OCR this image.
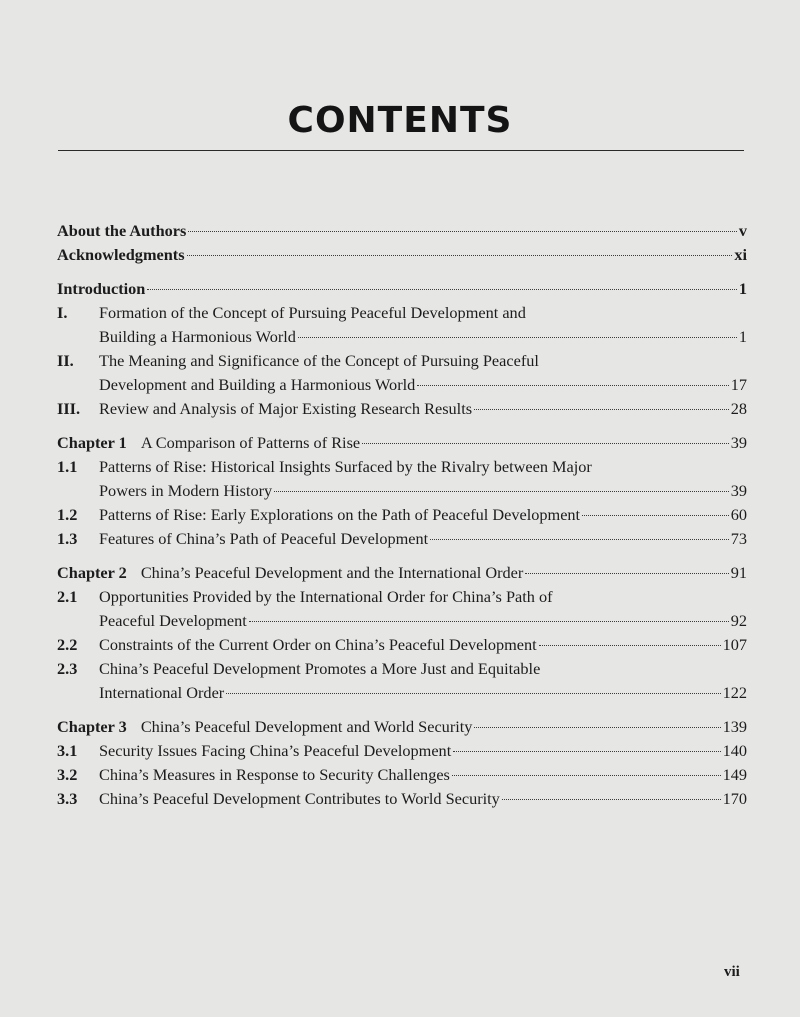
CONTENTS
About the Authors	v
Acknowledgments	xi
Introduction	1
I.	Formation of the Concept of Pursuing Peaceful Development and
Building a Harmonious World	1
II.	The Meaning and Significance of the Concept of Pursuing Peaceful
Development and Building a Harmonious World	17
III.	Review and Analysis of Major Existing Research Results	28
Chapter 1 A Comparison of Patterns of Rise	39
1.1	Patterns of Rise: Historical Insights Surfaced by the Rivalry between Major
Powers in Modern History	39
1.2	Patterns of Rise: Early Explorations on the Path of Peaceful Development	60
1.3	Features of China’s Path of Peaceful Development	73
Chapter 2 China’s Peaceful Development and the International Order	91
2.1	Opportunities Provided by the International Order for China’s Path of
Peaceful Development	92
2.2	Constraints of the Current Order on China’s Peaceful Development	107
2.3	China’s Peaceful Development Promotes a More Just and Equitable
International Order	122
Chapter 3 China’s Peaceful Development and World Security	139
3.1	Security Issues Facing China’s Peaceful Development	140
3.2	China’s Measures in Response to Security Challenges	149
3.3	China’s Peaceful Development Contributes to World Security	170
vii
